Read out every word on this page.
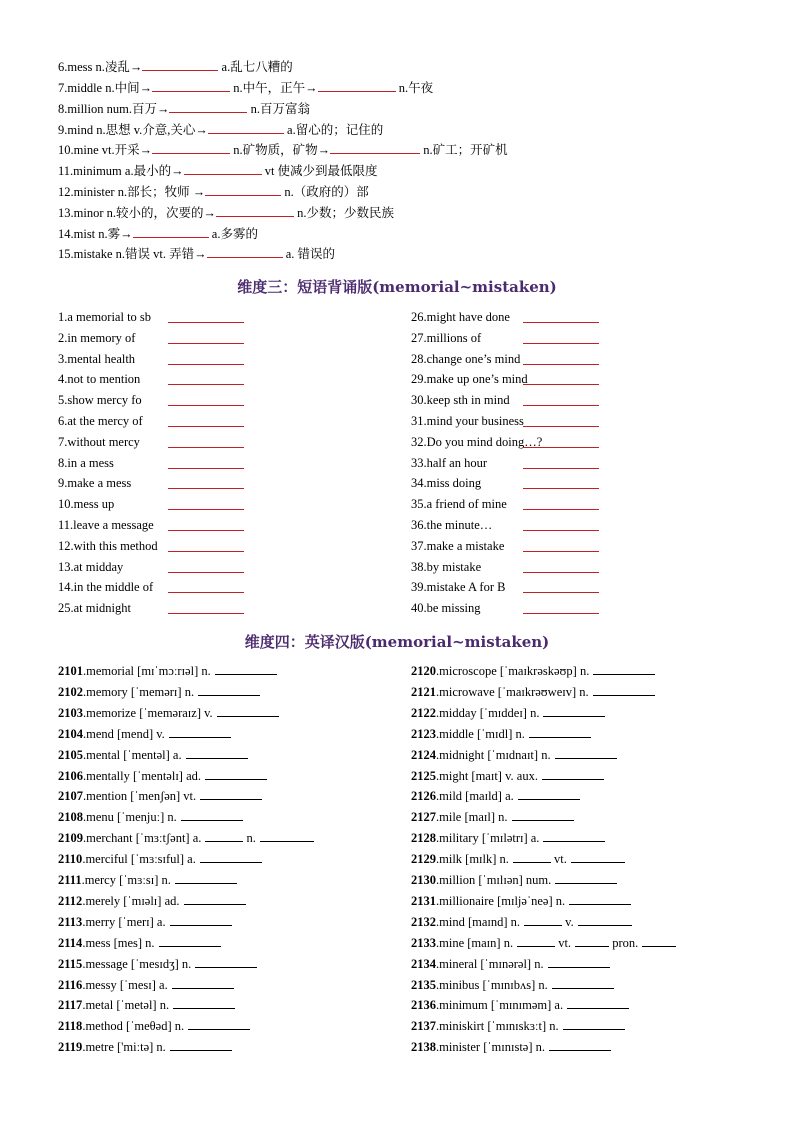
6.mess n.凌乱→	a.乱七八糟的
7.middle n.中间→	n.中午，正午→	n.午夜
8.million num.百万→	n.百万富翁
9.mind n.思想 v.介意,关心→	a.留心的；记住的
10.mine vt.开采→	n.矿物质，矿物→	n.矿工；开矿机
11.minimum a.最小的→	vt 使减少到最低限度
12.minister n.部长；牧师 →	n.（政府的）部
13.minor n.较小的，次要的→	n.少数；少数民族
14.mist n.雾→	a.多雾的
15.mistake n.错误 vt. 弄错→	a. 错误的
维度三：短语背诵版(memorial~mistaken)
1.a memorial to sb
2.in memory of
3.mental health
4.not to mention
5.show mercy fo
6.at the mercy of
7.without mercy
8.in a mess
9.make a mess
10.mess up
11.leave a message
12.with this method
13.at midday
14.in the middle of
25.at midnight
26.might have done
27.millions of
28.change one’s mind
29.make up one’s mind
30.keep sth in mind
31.mind your business
32.Do you mind doing…?
33.half an hour
34.miss doing
35.a friend of mine
36.the minute…
37.make a mistake
38.by mistake
39.mistake A for B
40.be missing
维度四：英译汉版(memorial~mistaken)
2101.memorial [mɪˈmɔːrɪəl] n.
2102.memory [ˈmemərɪ] n.
2103.memorize [ˈmeməraɪz] v.
2104.mend [mend] v.
2105.mental [ˈmentəl] a.
2106.mentally [ˈmentəlɪ] ad.
2107.mention [ˈmenʃən] vt.
2108.menu [ˈmenjuː] n.
2109.merchant [ˈmɜːtʃənt] a.	n.
2110.merciful [ˈmɜːsɪful] a.
2111.mercy [ˈmɜːsɪ] n.
2112.merely [ˈmɪəlɪ] ad.
2113.merry [ˈmerɪ] a.
2114.mess [mes] n.
2115.message [ˈmesɪdʒ] n.
2116.messy [ˈmesɪ] a.
2117.metal [ˈmetəl] n.
2118.method [ˈmeθəd] n.
2119.metre ['miːtə] n.
2120.microscope [ˈmaɪkrəskəʊp] n.
2121.microwave [ˈmaɪkrəʊweɪv] n.
2122.midday [ˈmɪddeɪ] n.
2123.middle [ˈmɪdl] n.
2124.midnight [ˈmɪdnaɪt] n.
2125.might [maɪt] v. aux.
2126.mild [maɪld] a.
2127.mile [maɪl] n.
2128.military [ˈmɪlətrɪ] a.
2129.milk [mɪlk] n.	vt.
2130.million [ˈmɪlɪən] num.
2131.millionaire [mɪljəˈneə] n.
2132.mind [maɪnd] n.	v.
2133.mine [maɪn] n.	vt.	pron.
2134.mineral [ˈmɪnərəl] n.
2135.minibus [ˈmɪnɪbʌs] n.
2136.minimum [ˈmɪnɪməm] a.
2137.miniskirt [ˈmɪnɪskɜːt] n.
2138.minister [ˈmɪnɪstə] n.
